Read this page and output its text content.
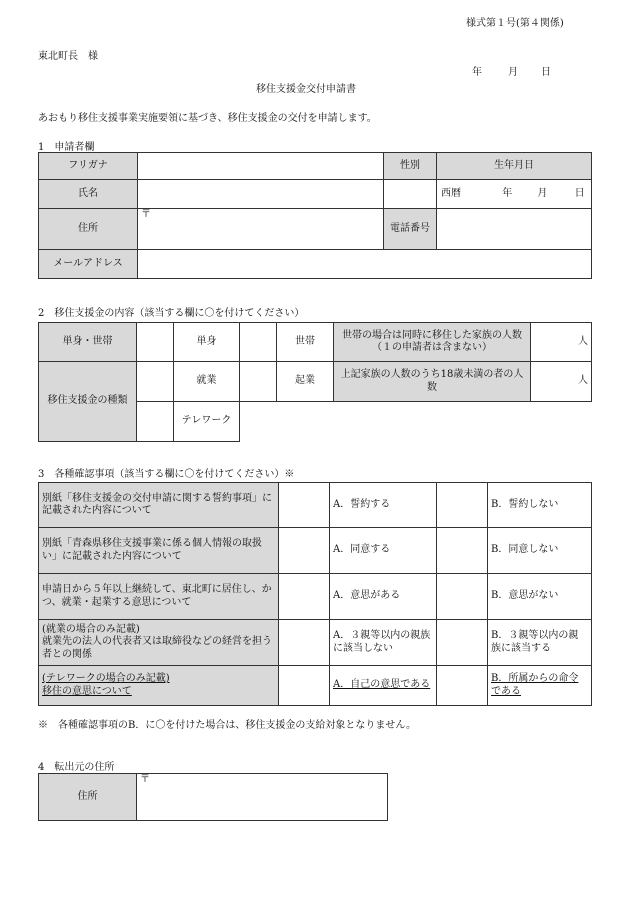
様式第１号(第４関係)
東北町長　様
年	月 日
移住支援金交付申請書
あおもり移住支援事業実施要領に基づき、移住支援金の交付を申請します。
1　申請者欄
フリガナ		性別	生年月日
氏名			西暦 年 月 日
住所	〒	電話番号	
メールアドレス			
2　移住支援金の内容（該当する欄に〇を付けてください）
単身・世帯		単身		世帯	世帯の場合は同時に移住した家族の人数（１の申請者は含まない）	人
移住支援金の種類		就業		起業	上記家族の人数のうち18歳未満の者の人数	人
		テレワーク				
3　各種確認事項（該当する欄に〇を付けてください）※
別紙「移住支援金の交付申請に関する誓約事項」に記載された内容について		A．誓約する		B．誓約しない
別紙「青森県移住支援事業に係る個人情報の取扱い」に記載された内容について		A．同意する		B．同意しない
申請日から５年以上継続して、東北町に居住し、かつ、就業・起業する意思について		A．意思がある		B．意思がない
(就業の場合のみ記載)
就業先の法人の代表者又は取締役などの経営を担う者との関係		A．３親等以内の親族に該当しない		B．３親等以内の親族に該当する
(テレワークの場合のみ記載)
移住の意思について		A．自己の意思である		B．所属からの命令である
※　各種確認事項のB．に〇を付けた場合は、移住支援金の支給対象となりません。
4　転出元の住所
住所	〒
